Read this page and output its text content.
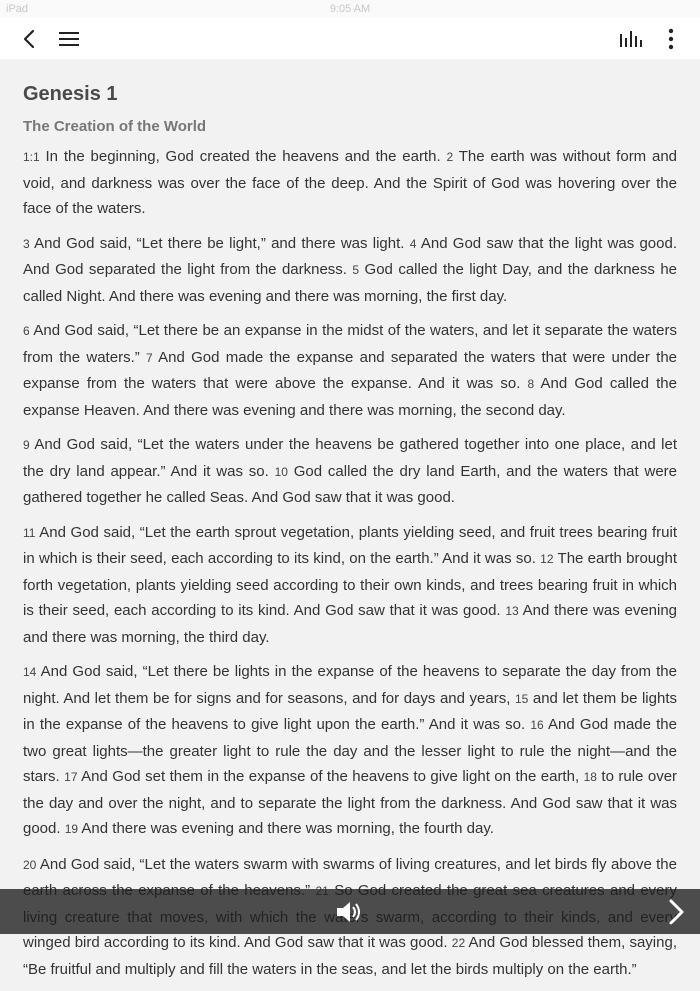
iPad	9:05 AM
Genesis 1
The Creation of the World

1:1 In the beginning, God created the heavens and the earth. 2 The earth was without form and void, and darkness was over the face of the deep. And the Spirit of God was hovering over the face of the waters.

3 And God said, “Let there be light,” and there was light. 4 And God saw that the light was good. And God separated the light from the darkness. 5 God called the light Day, and the darkness he called Night. And there was evening and there was morning, the first day.

6 And God said, “Let there be an expanse in the midst of the waters, and let it separate the waters from the waters.” 7 And God made the expanse and separated the waters that were under the expanse from the waters that were above the expanse. And it was so. 8 And God called the expanse Heaven. And there was evening and there was morning, the second day.

9 And God said, “Let the waters under the heavens be gathered together into one place, and let the dry land appear.” And it was so. 10 God called the dry land Earth, and the waters that were gathered together he called Seas. And God saw that it was good.

11 And God said, “Let the earth sprout vegetation, plants yielding seed, and fruit trees bearing fruit in which is their seed, each according to its kind, on the earth.” And it was so. 12 The earth brought forth vegetation, plants yielding seed according to their own kinds, and trees bearing fruit in which is their seed, each according to its kind. And God saw that it was good. 13 And there was evening and there was morning, the third day.

14 And God said, “Let there be lights in the expanse of the heavens to separate the day from the night. And let them be for signs and for seasons, and for days and years, 15 and let them be lights in the expanse of the heavens to give light upon the earth.” And it was so. 16 And God made the two great lights—the greater light to rule the day and the lesser light to rule the night—and the stars. 17 And God set them in the expanse of the heavens to give light on the earth, 18 to rule over the day and over the night, and to separate the light from the darkness. And God saw that it was good. 19 And there was evening and there was morning, the fourth day.

20 And God said, “Let the waters swarm with swarms of living creatures, and let birds fly above the winged bird according to its kind. And God saw that it was good. 22 And God blessed them, saying, “Be fruitful and multiply and fill the waters in the seas, and let the birds multiply on the earth.”
